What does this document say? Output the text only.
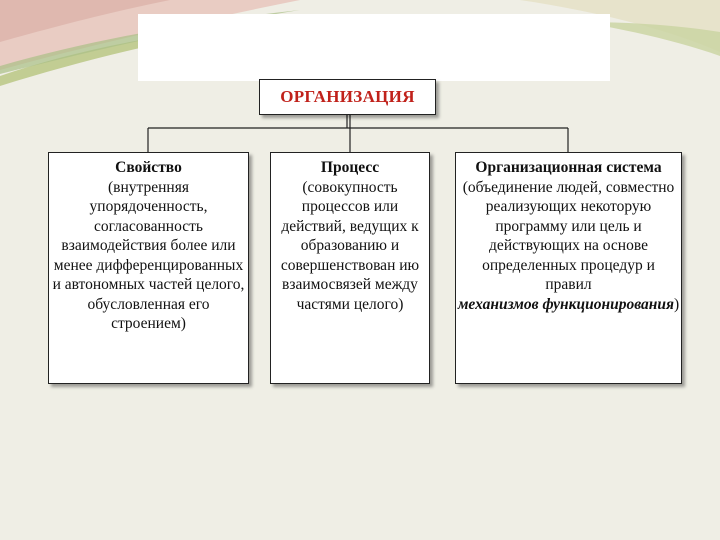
ОРГАНИЗАЦИЯ
Свойство
(внутренняя упорядоченность, согласованность взаимодействия более или менее дифференцированных и автономных частей целого, обусловленная его строением)
Процесс
(совокупность процессов или действий, ведущих к образованию и совершенствован ию взаимосвязей между частями целого)
Организационная система
(объединение людей, совместно реализующих некоторую программу или цель и действующих на основе определенных процедур и правил
механизмов функционирования)
